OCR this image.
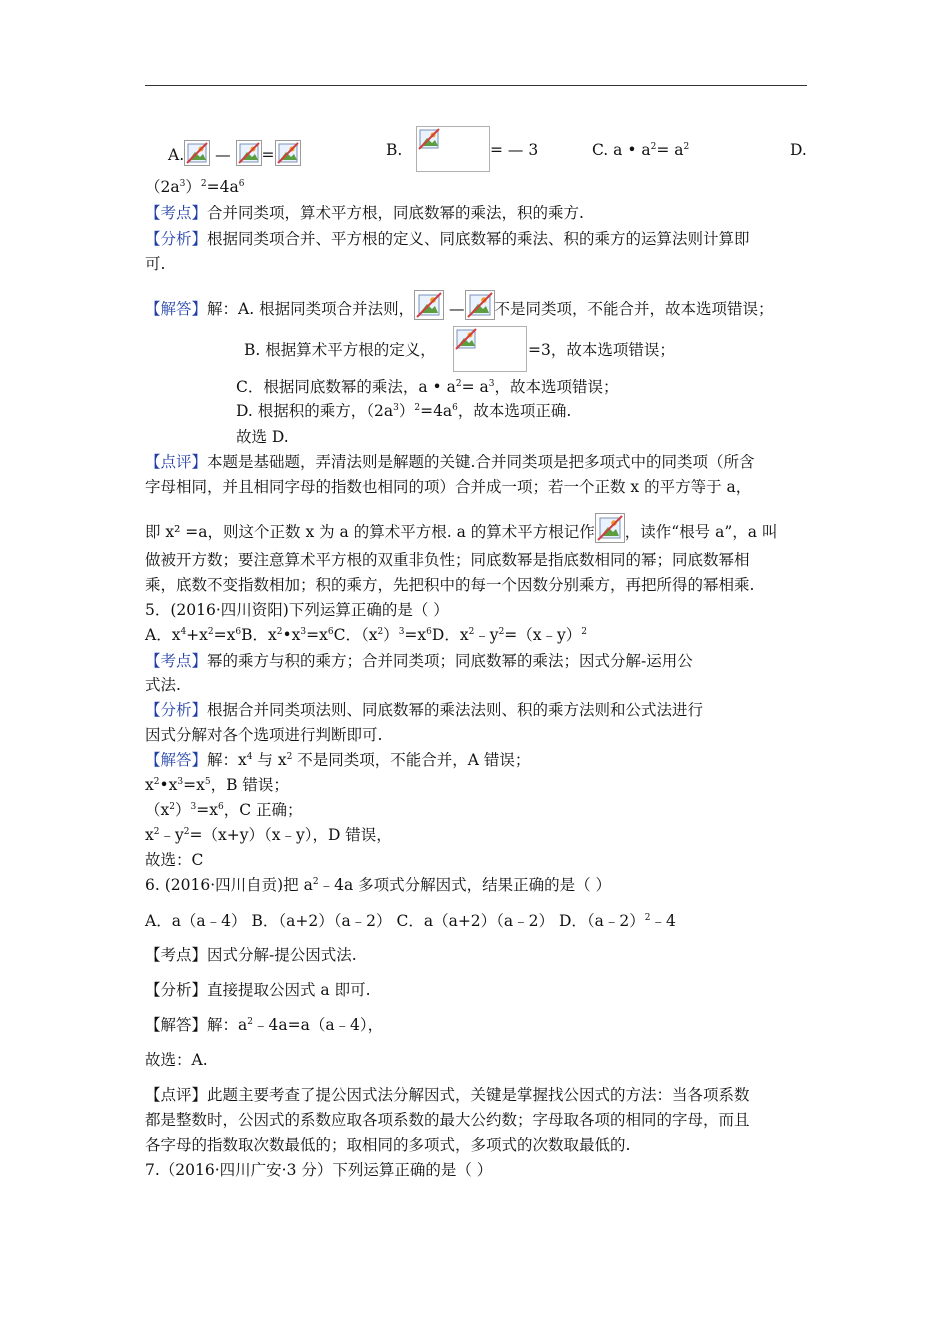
A. — =	B.	= — 3	C. a • $a^2= a^2$	D.
$(2a^3)^2=4a^6$
【考点】合并同类项，算术平方根，同底数幂的乘法，积的乘方.
【分析】根据同类项合并、平方根的定义、同底数幂的乘法、积的乘方的运算法则计算即
可.
【解答】解：A. 根据同类项合并法则， — 不是同类项，不能合并，故本选项错误；
B. 根据算术平方根的定义，	=3，故本选项错误；
C．根据同底数幂的乘法，a • $a^2= a^3$，故本选项错误；
D. 根据积的乘方，$(2a^3)^2=4a^6$，故本选项正确.
故选 D.
【点评】本题是基础题，弄清法则是解题的关键.合并同类项是把多项式中的同类项（所含
字母相同，并且相同字母的指数也相同的项）合并成一项；若一个正数 x 的平方等于 a，
即 x² =a，则这个正数 x 为 a 的算术平方根. a 的算术平方根记作 ，读作“根号 a”，a 叫
做被开方数；要注意算术平方根的双重非负性；同底数幂是指底数相同的幂；同底数幂相
乘，底数不变指数相加；积的乘方，先把积中的每一个因数分别乘方，再把所得的幂相乘.
5．(2016·四川资阳)下列运算正确的是（ ）
A．$x^4+x^2=x^6B$．$x^2•x^3=x^6C$．$(x^2)^3=x^6D$．$x^2﹣y^2=(x﹣y)^2$
【考点】幂的乘方与积的乘方；合并同类项；同底数幂的乘法；因式分解-运用公
式法.
【分析】根据合并同类项法则、同底数幂的乘法法则、积的乘方法则和公式法进行
因式分解对各个选项进行判断即可.
【解答】解：$x^4$ 与 $x^2$ 不是同类项，不能合并，A 错误；
$x^2•x^3=x^5$，B 错误；
$(x^2)^3=x^6$，C 正确；
$x^2﹣y^2=(x+y)(x﹣y)$，D 错误，
故选：C
6. (2016·四川自贡)把 $a^2﹣4a$ 多项式分解因式，结果正确的是（ ）
A．a（a﹣4） B．（a+2）（a﹣2） C．a（a+2）（a﹣2） D．（a﹣2）$^2$﹣4
【考点】因式分解-提公因式法.
【分析】直接提取公因式 a 即可.
【解答】解：$a^2﹣4a=a(a﹣4)$，
故选：A.
【点评】此题主要考查了提公因式法分解因式，关键是掌握找公因式的方法：当各项系数
都是整数时，公因式的系数应取各项系数的最大公约数；字母取各项的相同的字母，而且
各字母的指数取次数最低的；取相同的多项式，多项式的次数取最低的.
7.（2016·四川广安·3 分）下列运算正确的是（ ）
